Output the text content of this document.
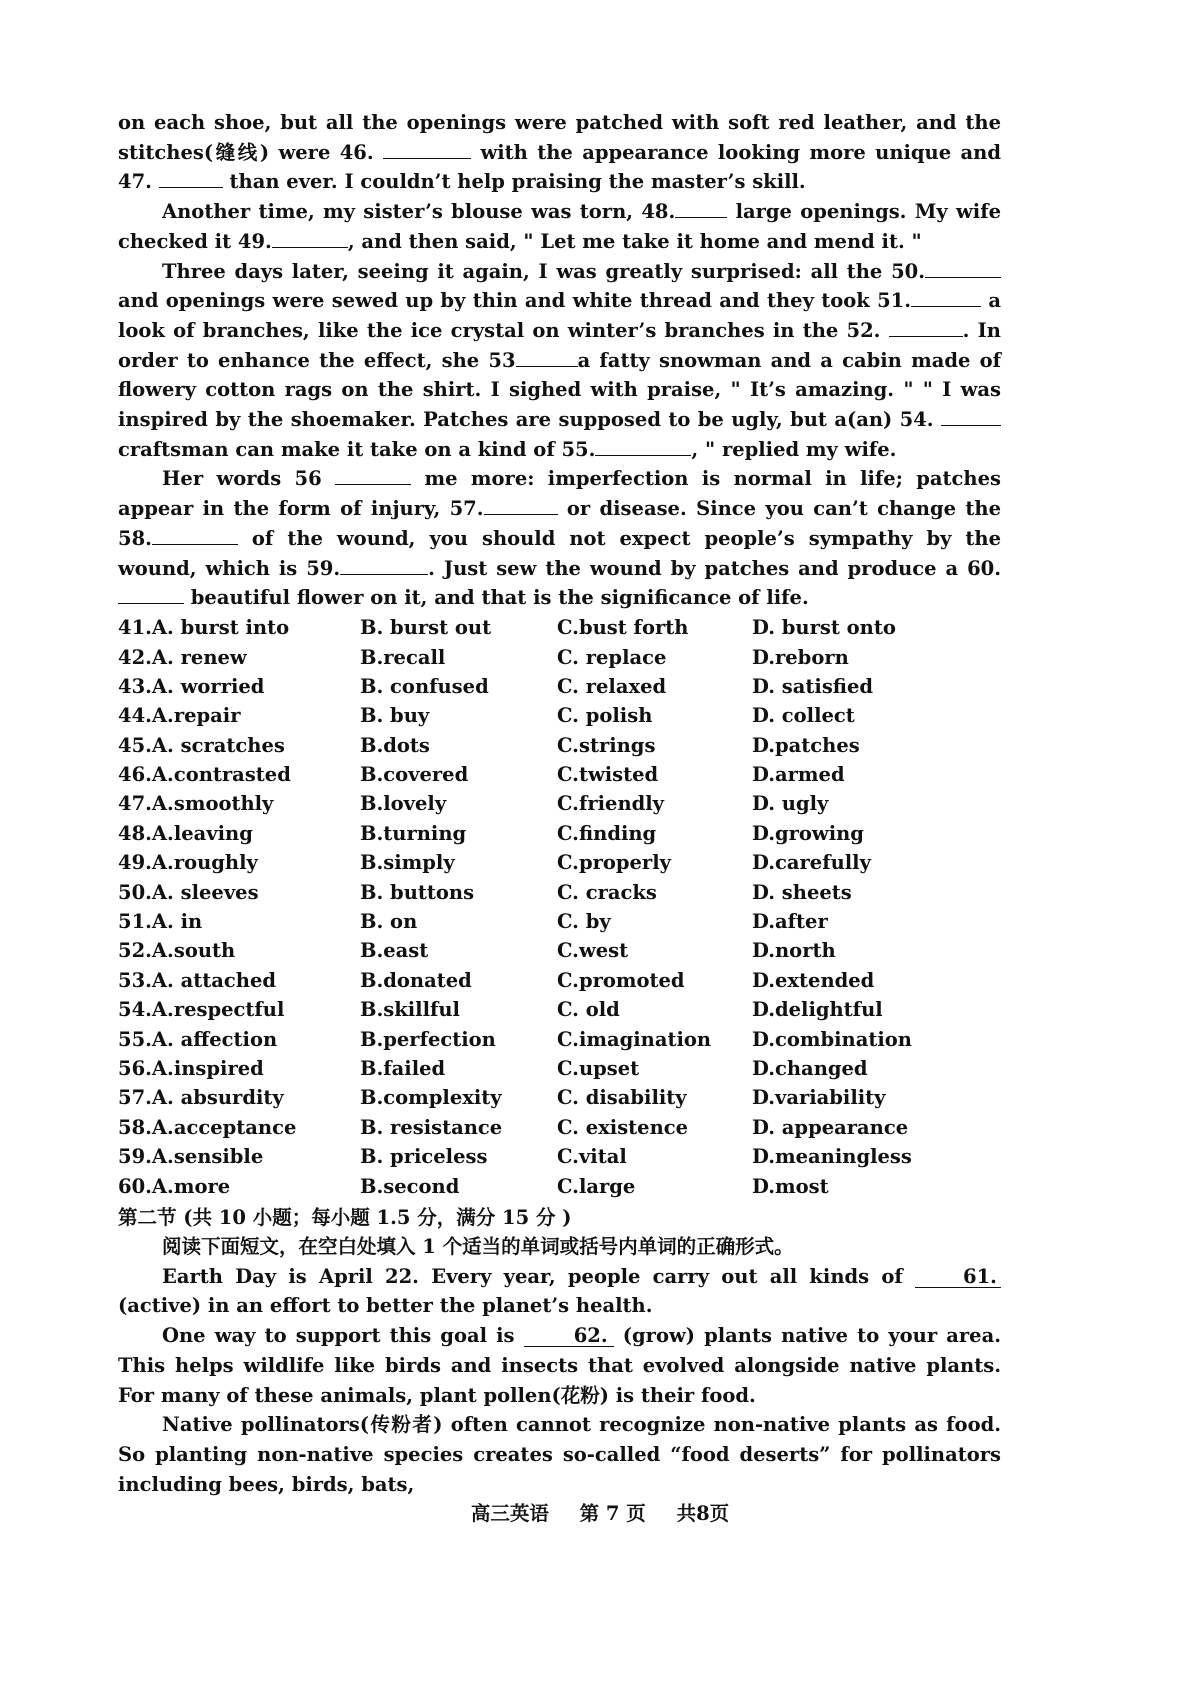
on each shoe, but all the openings were patched with soft red leather, and the stitches(缝线) were 46.	with the appearance looking more unique and 47.	than ever. I couldn’t help praising the master’s skill.

Another time, my sister’s blouse was torn, 48.	large openings. My wife checked it 49.	, and then said, " Let me take it home and mend it. "

Three days later, seeing it again, I was greatly surprised: all the 50. and openings were sewed up by thin and white thread and they took 51.	a look of branches, like the ice crystal on winter’s branches in the 52.	. In order to enhance the effect, she 53	a fatty snowman and a cabin made of flowery cotton rags on the shirt. I sighed with praise, " It’s amazing. " " I was inspired by the shoemaker. Patches are supposed to be ugly, but a(an) 54.  craftsman can make it take on a kind of 55.	, " replied my wife.

Her words 56	me more: imperfection is normal in life; patches appear in the form of injury, 57.	or disease. Since you can’t change the 58.	of the wound, you should not expect people’s sympathy by the wound, which is 59.	. Just sew the wound by patches and produce a 60.  beautiful flower on it, and that is the significance of life.

41.A. burst into	B. burst out	C.bust forth	D. burst onto
42.A. renew	B.recall	C. replace	D.reborn
43.A. worried	B. confused	C. relaxed	D. satisfied
44.A.repair	B. buy	C. polish	D. collect
45.A. scratches	B.dots	C.strings	D.patches
46.A.contrasted	B.covered	C.twisted	D.armed
47.A.smoothly	B.lovely	C.friendly	D. ugly
48.A.leaving	B.turning	C.finding	D.growing
49.A.roughly	B.simply	C.properly	D.carefully
50.A. sleeves	B. buttons	C. cracks	D. sheets
51.A. in	B. on	C. by	D.after
52.A.south	B.east	C.west	D.north
53.A. attached	B.donated	C.promoted	D.extended
54.A.respectful	B.skillful	C. old	D.delightful
55.A. affection	B.perfection	C.imagination	D.combination
56.A.inspired	B.failed	C.upset	D.changed
57.A. absurdity	B.complexity	C. disability	D.variability
58.A.acceptance	B. resistance	C. existence	D. appearance
59.A.sensible	B. priceless	C.vital	D.meaningless
60.A.more	B.second	C.large	D.most
第二节 (共 10 小题；每小题 1.5 分，满分 15 分 )
阅读下面短文，在空白处填入 1 个适当的单词或括号内单词的正确形式。

Earth Day is April 22. Every year, people carry out all kinds of 61.(active) in an effort to better the planet’s health.

One way to support this goal is	62. (grow) plants native to your area. This helps wildlife like birds and insects that evolved alongside native plants. For many of these animals, plant pollen(花粉) is their food.

Native pollinators(传粉者) often cannot recognize non-native plants as food. So planting non-native species creates so-called “food deserts” for pollinators including bees, birds, bats,

高三英语 第 7 页 共8页
